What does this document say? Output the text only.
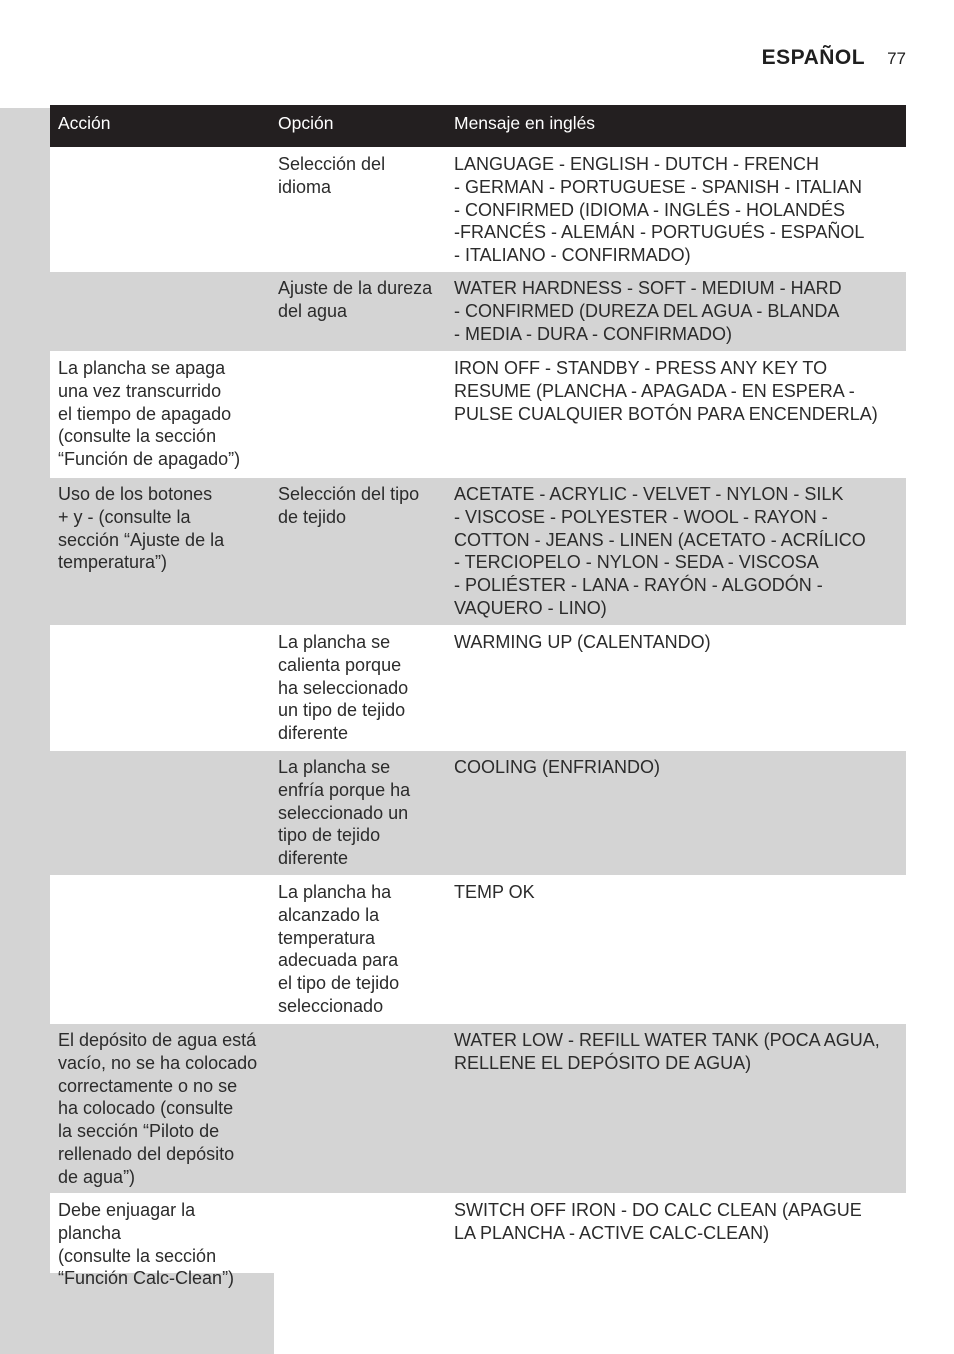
ESPAÑOL 77
Acción	Opción	Mensaje en inglés
Selección del
idioma
LANGUAGE - ENGLISH - DUTCH - FRENCH
- GERMAN - PORTUGUESE - SPANISH - ITALIAN
- CONFIRMED (IDIOMA - INGLÉS - HOLANDÉS
-FRANCÉS - ALEMÁN - PORTUGUÉS - ESPAÑOL
- ITALIANO - CONFIRMADO)
Ajuste de la dureza
del agua
WATER HARDNESS - SOFT - MEDIUM - HARD
- CONFIRMED (DUREZA DEL AGUA - BLANDA
- MEDIA - DURA - CONFIRMADO)
La plancha se apaga
una vez transcurrido
el tiempo de apagado
(consulte la sección
“Función de apagado”)
IRON OFF - STANDBY - PRESS ANY KEY TO
RESUME (PLANCHA - APAGADA - EN ESPERA -
PULSE CUALQUIER BOTÓN PARA ENCENDERLA)
Uso de los botones
+ y - (consulte la
sección “Ajuste de la
temperatura”)
Selección del tipo
de tejido
ACETATE - ACRYLIC - VELVET - NYLON - SILK
- VISCOSE - POLYESTER - WOOL - RAYON -
COTTON - JEANS - LINEN (ACETATO - ACRÍLICO
- TERCIOPELO - NYLON - SEDA - VISCOSA
- POLIÉSTER - LANA - RAYÓN - ALGODÓN -
VAQUERO - LINO)
La plancha se
calienta porque
ha seleccionado
un tipo de tejido
diferente
WARMING UP (CALENTANDO)
La plancha se
enfría porque ha
seleccionado un
tipo de tejido
diferente
COOLING (ENFRIANDO)
La plancha ha
alcanzado la
temperatura
adecuada para
el tipo de tejido
seleccionado
TEMP OK
El depósito de agua está
vacío, no se ha colocado
correctamente o no se
ha colocado (consulte
la sección “Piloto de
rellenado del depósito
de agua”)
WATER LOW - REFILL WATER TANK (POCA AGUA,
RELLENE EL DEPÓSITO DE AGUA)
Debe enjuagar la plancha
(consulte la sección
“Función Calc-Clean”)
SWITCH OFF IRON - DO CALC CLEAN (APAGUE
LA PLANCHA - ACTIVE CALC-CLEAN)
